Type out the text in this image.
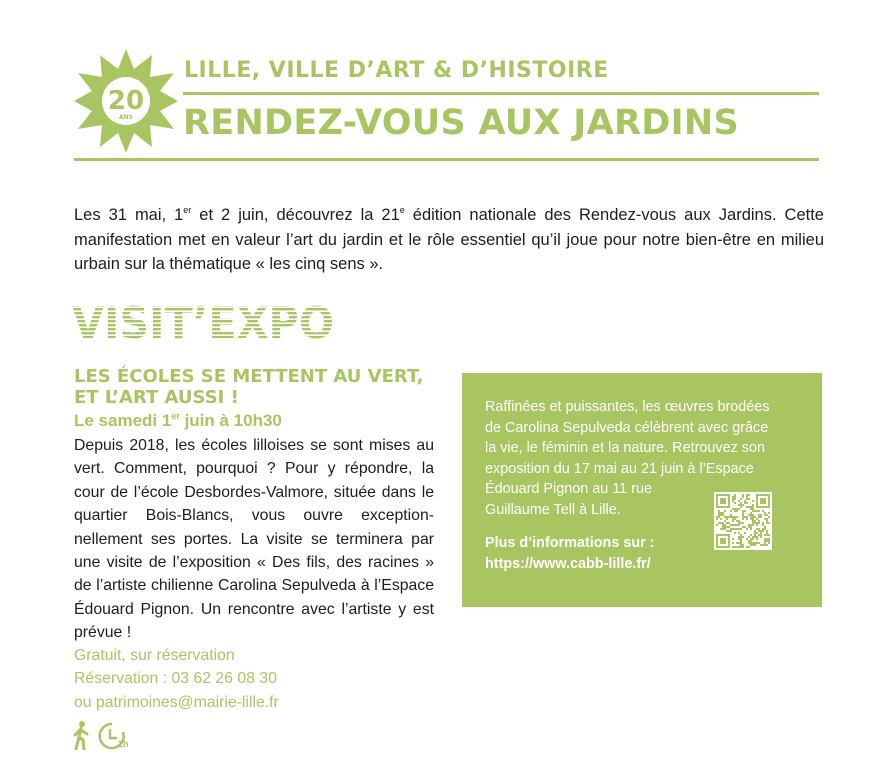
20
ANS
LILLE, VILLE D’ART & D’HISTOIRE
RENDEZ-VOUS AUX JARDINS
Les 31 mai, 1er et 2 juin, découvrez la 21e édition nationale des Rendez-vous aux Jardins. Cette manifestation met en valeur l’art du jardin et le rôle essentiel qu’il joue pour notre bien-être en milieu urbain sur la thématique « les cinq sens ».
VISIT’EXPO
LES ÉCOLES SE METTENT AU VERT,
ET L’ART AUSSI !
Le samedi 1er juin à 10h30
Depuis 2018, les écoles lilloises se sont mises au vert. Comment, pourquoi ? Pour y répondre, la cour de l’école Desbordes-Valmore, située dans le quartier Bois-Blancs, vous ouvre exceptionnellement ses portes. La visite se terminera par une visite de l’exposition « Des fils, des racines » de l’artiste chilienne Carolina Sepulveda à l’Espace Édouard Pignon. Un rencontre avec l’artiste y est prévue !
Gratuit, sur réservation
Réservation : 03 62 26 08 30
ou patrimoines@mairie-lille.fr
2h
Raffinées et puissantes, les œuvres brodées
de Carolina Sepulveda célèbrent avec grâce
la vie, le féminin et la nature. Retrouvez son
exposition du 17 mai au 21 juin à l’Espace
Édouard Pignon au 11 rue
Guillaume Tell à Lille.
Plus d’informations sur :
https://www.cabb-lille.fr/
